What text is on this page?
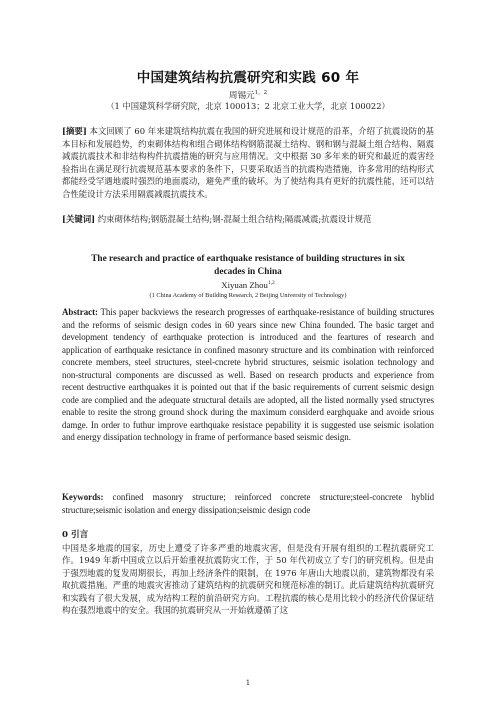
中国建筑结构抗震研究和实践 60 年
周锡元$^{1,2}$
（1 中国建筑科学研究院，北京 100013；2 北京工业大学，北京 100022）
[摘要] 本文回顾了 60 年来建筑结构抗震在我国的研究进展和设计规范的沿革，介绍了抗震设防的基本目标和发展趋势，约束砌体结构和组合砌体结构钢筋混凝土结构、钢和钢与混凝土组合结构、隔震减震抗震技术和非结构构件抗震措施的研究与应用情况。文中根据 30 多年来的研究和最近的震害经验指出在满足现行抗震规范基本要求的条件下，只要采取适当的抗震构造措施，许多常用的结构形式都能经受罕遇地震时强烈的地面震动，避免严重的破坏。为了使结构具有更好的抗震性能，还可以结合性能设计方法采用隔震减震抗震技术。
[关键词] 约束砌体结构;钢筋混凝土结构;钢-混凝土组合结构;隔震减震;抗震设计规范
The research and practice of earthquake resistance of building structures in six decades in China
Xiyuan Zhou$^{1,2}$
(1 China Academy of Building Research, 2 Beijing University of Technology)
Abstract: This paper backviews the research progresses of earthquake-resistance of building structures and the reforms of seismic design codes in 60 years since new China founded. The basic target and development tendency of earthquake protection is introduced and the feartures of research and application of earthquake resictance in confined masonry structure and its combination with reinforced concrete members, steel structures, steel-cncrete hybrid structures, seismic isolation technology and non-structural components are discussed as well. Based on research products and experience from recent destructive earthquakes it is pointed out that if the basic requirements of current seismic design code are complied and the adequate structural details are adopted, all the listed normally ysed structyres enable to resite the strong ground shock during the maximum considerd earghquake and avoide srious damge. In order to futhur improve earthquake resistace pepability it is suggested use seismic isolation and energy dissipation technology in frame of performance based seismic design.
Keywords: confined masonry structure; reinforced concrete structure;steel-concrete hyblid structure;seismic isolation and energy dissipation;seismic design code
0 引言
中国是多地震的国家，历史上遭受了许多严重的地震灾害，但是没有开展有组织的工程抗震研究工作。1949 年新中国成立以后开始重视抗震防灾工作，于 50 年代初成立了专门的研究机构。但是由于强烈地震的复发周期很长，再加上经济条件的限制，在 1976 年唐山大地震以前，建筑物都没有采取抗震措施。严重的地震灾害推动了建筑结构的抗震研究和规范标准的制订。此后建筑结构抗震研究和实践有了很大发展，成为结构工程的前沿研究方向。工程抗震的核心是用比较小的经济代价保证结构在强烈地震中的安全。我国的抗震研究从一开始就遵循了这
1
